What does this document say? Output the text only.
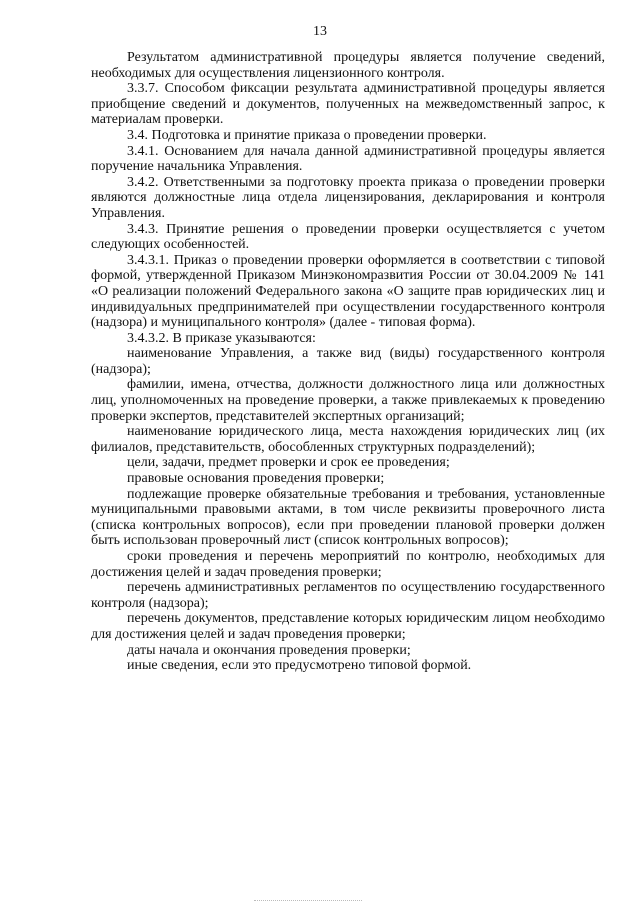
13

Результатом административной процедуры является получение сведений, необходимых для осуществления лицензионного контроля.

3.3.7. Способом фиксации результата административной процедуры является приобщение сведений и документов, полученных на межведомственный запрос, к материалам проверки.

3.4. Подготовка и принятие приказа о проведении проверки.

3.4.1. Основанием для начала данной административной процедуры является поручение начальника Управления.

3.4.2. Ответственными за подготовку проекта приказа о проведении проверки являются должностные лица отдела лицензирования, декларирования и контроля Управления.

3.4.3. Принятие решения о проведении проверки осуществляется с учетом следующих особенностей.

3.4.3.1. Приказ о проведении проверки оформляется в соответствии с типовой формой, утвержденной Приказом Минэкономразвития России от 30.04.2009 № 141 «О реализации положений Федерального закона «О защите прав юридических лиц и индивидуальных предпринимателей при осуществлении государственного контроля (надзора) и муниципального контроля» (далее - типовая форма).

3.4.3.2. В приказе указываются:

наименование Управления, а также вид (виды) государственного контроля (надзора);

фамилии, имена, отчества, должности должностного лица или должностных лиц, уполномоченных на проведение проверки, а также привлекаемых к проведению проверки экспертов, представителей экспертных организаций;

наименование юридического лица, места нахождения юридических лиц (их филиалов, представительств, обособленных структурных подразделений);

цели, задачи, предмет проверки и срок ее проведения;

правовые основания проведения проверки;

подлежащие проверке обязательные требования и требования, установленные муниципальными правовыми актами, в том числе реквизиты проверочного листа (списка контрольных вопросов), если при проведении плановой проверки должен быть использован проверочный лист (список контрольных вопросов);

сроки проведения и перечень мероприятий по контролю, необходимых для достижения целей и задач проведения проверки;

перечень административных регламентов по осуществлению государственного контроля (надзора);

перечень документов, представление которых юридическим лицом необходимо для достижения целей и задач проведения проверки;

даты начала и окончания проведения проверки;

иные сведения, если это предусмотрено типовой формой.
